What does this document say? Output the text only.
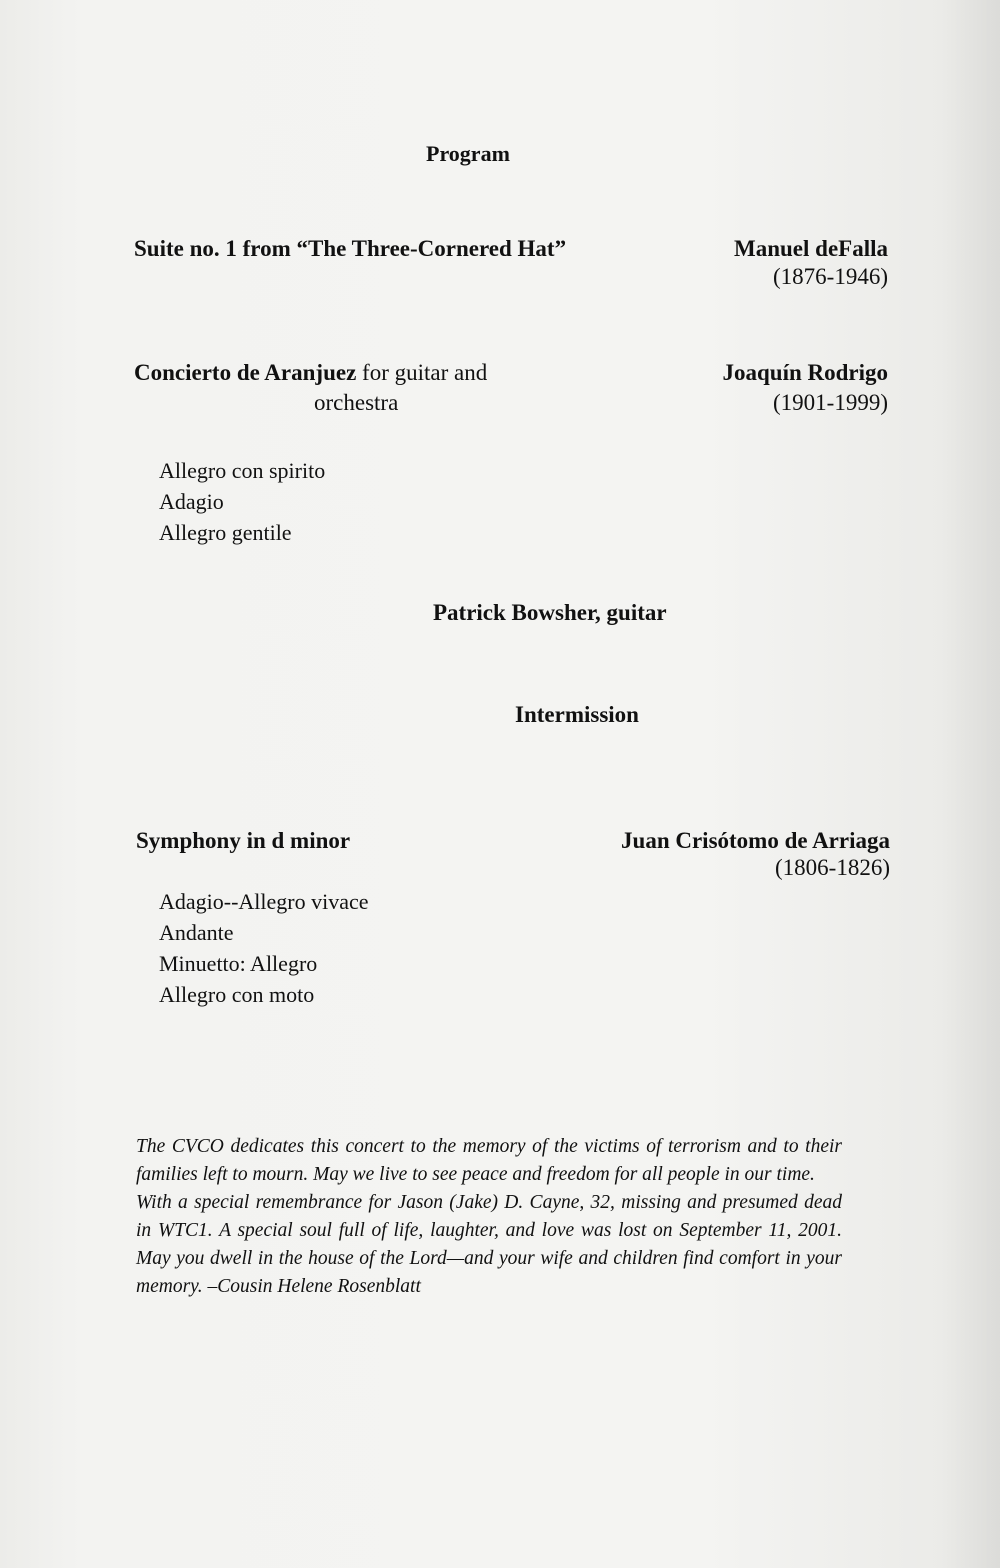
Program
Suite no. 1 from “The Three-Cornered Hat”	Manuel deFalla
(1876-1946)
Concierto de Aranjuez for guitar and
orchestra
Joaquín Rodrigo
(1901-1999)
Allegro con spirito
Adagio
Allegro gentile
Patrick Bowsher, guitar
Intermission
Symphony in d minor	Juan Crisótomo de Arriaga
(1806-1826)
Adagio--Allegro vivace
Andante
Minuetto: Allegro
Allegro con moto

The CVCO dedicates this concert to the memory of the victims of terrorism and to their families left to mourn. May we live to see peace and freedom for all people in our time.

With a special remembrance for Jason (Jake) D. Cayne, 32, missing and presumed dead in WTC1. A special soul full of life, laughter, and love was lost on September 11, 2001. May you dwell in the house of the Lord—and your wife and children find comfort in your memory. –Cousin Helene Rosenblatt
